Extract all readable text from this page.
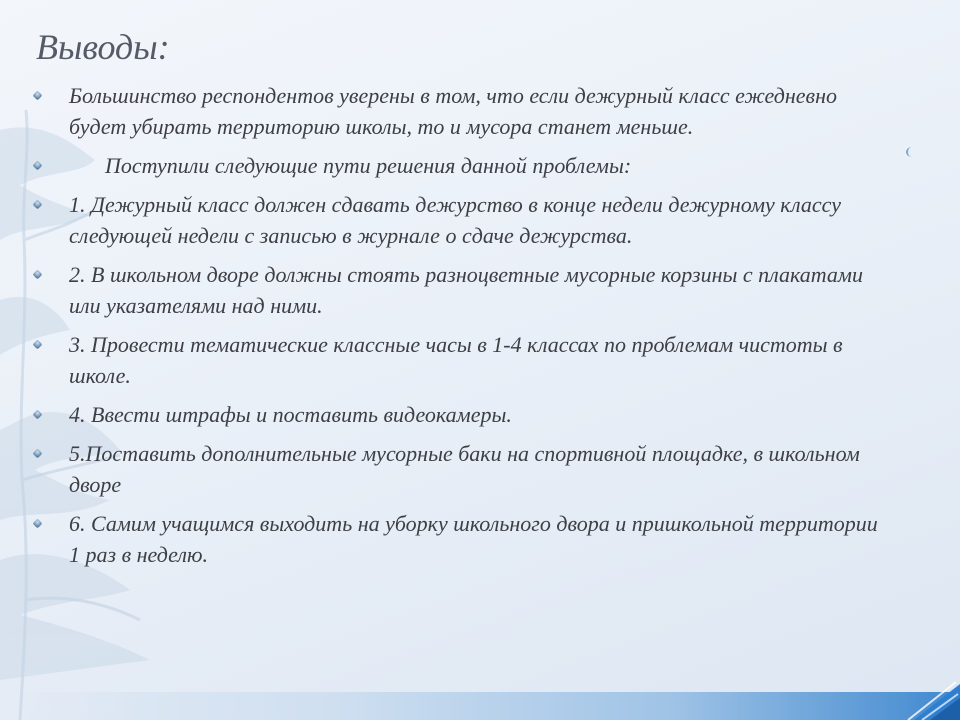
Выводы:
Большинство респондентов уверены в том, что если дежурный класс ежедневно будет убирать территорию школы, то и мусора станет меньше.
Поступили следующие пути решения данной проблемы:
1. Дежурный класс должен сдавать дежурство в конце недели дежурному классу следующей недели с записью в журнале о сдаче дежурства.
2. В школьном дворе должны стоять разноцветные мусорные корзины с плакатами или указателями над ними.
3. Провести тематические классные часы в 1-4 классах по проблемам чистоты в школе.
4. Ввести штрафы и поставить видеокамеры.
5.Поставить дополнительные мусорные баки на спортивной площадке, в школьном дворе
6. Самим учащимся выходить на уборку школьного двора и пришкольной территории 1 раз в неделю.
